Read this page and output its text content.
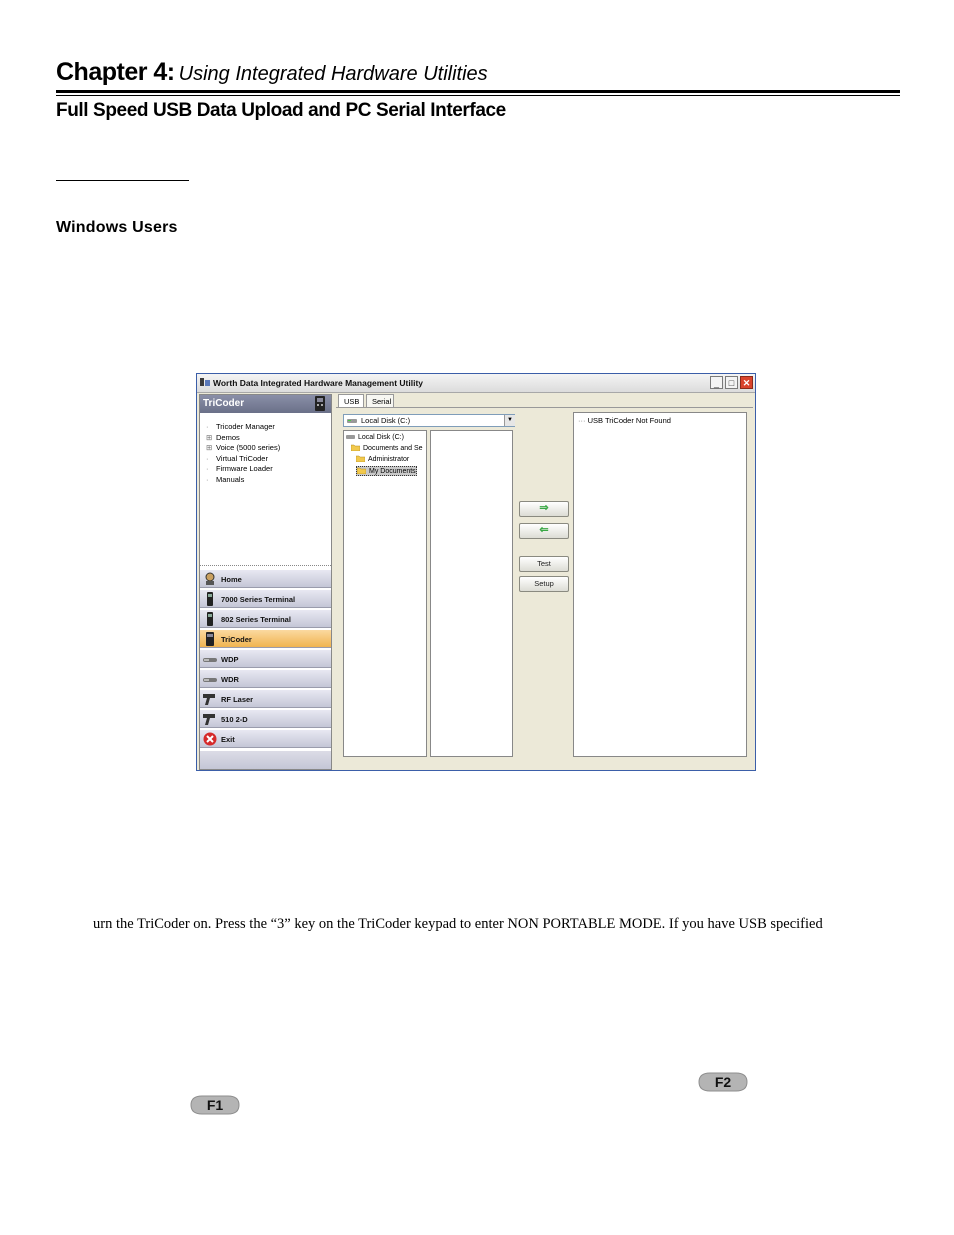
Chapter 4: Using Integrated Hardware Utilities
Full Speed USB Data Upload and PC Serial Interface
Windows Users
Worth Data Integrated Hardware Management Utility	_	□ ✕
TriCoder
· Tricoder Manager
⊞ Demos
⊞ Voice (5000 series)
· Virtual TriCoder
· Firmware Loader
· Manuals
Home
7000 Series Terminal
802 Series Terminal
TriCoder
WDP
WDR
RF Laser
510 2-D
Exit
USB	Serial
Local Disk (C:)	▼
Local Disk (C:)
Documents and Se
Administrator
My Documents
⇒
⇐
Test
Setup
··· USB TriCoder Not Found
urn the TriCoder on. Press the “3” key on the TriCoder keypad to enter NON PORTABLE MODE. If you have USB specified
F2
F1
